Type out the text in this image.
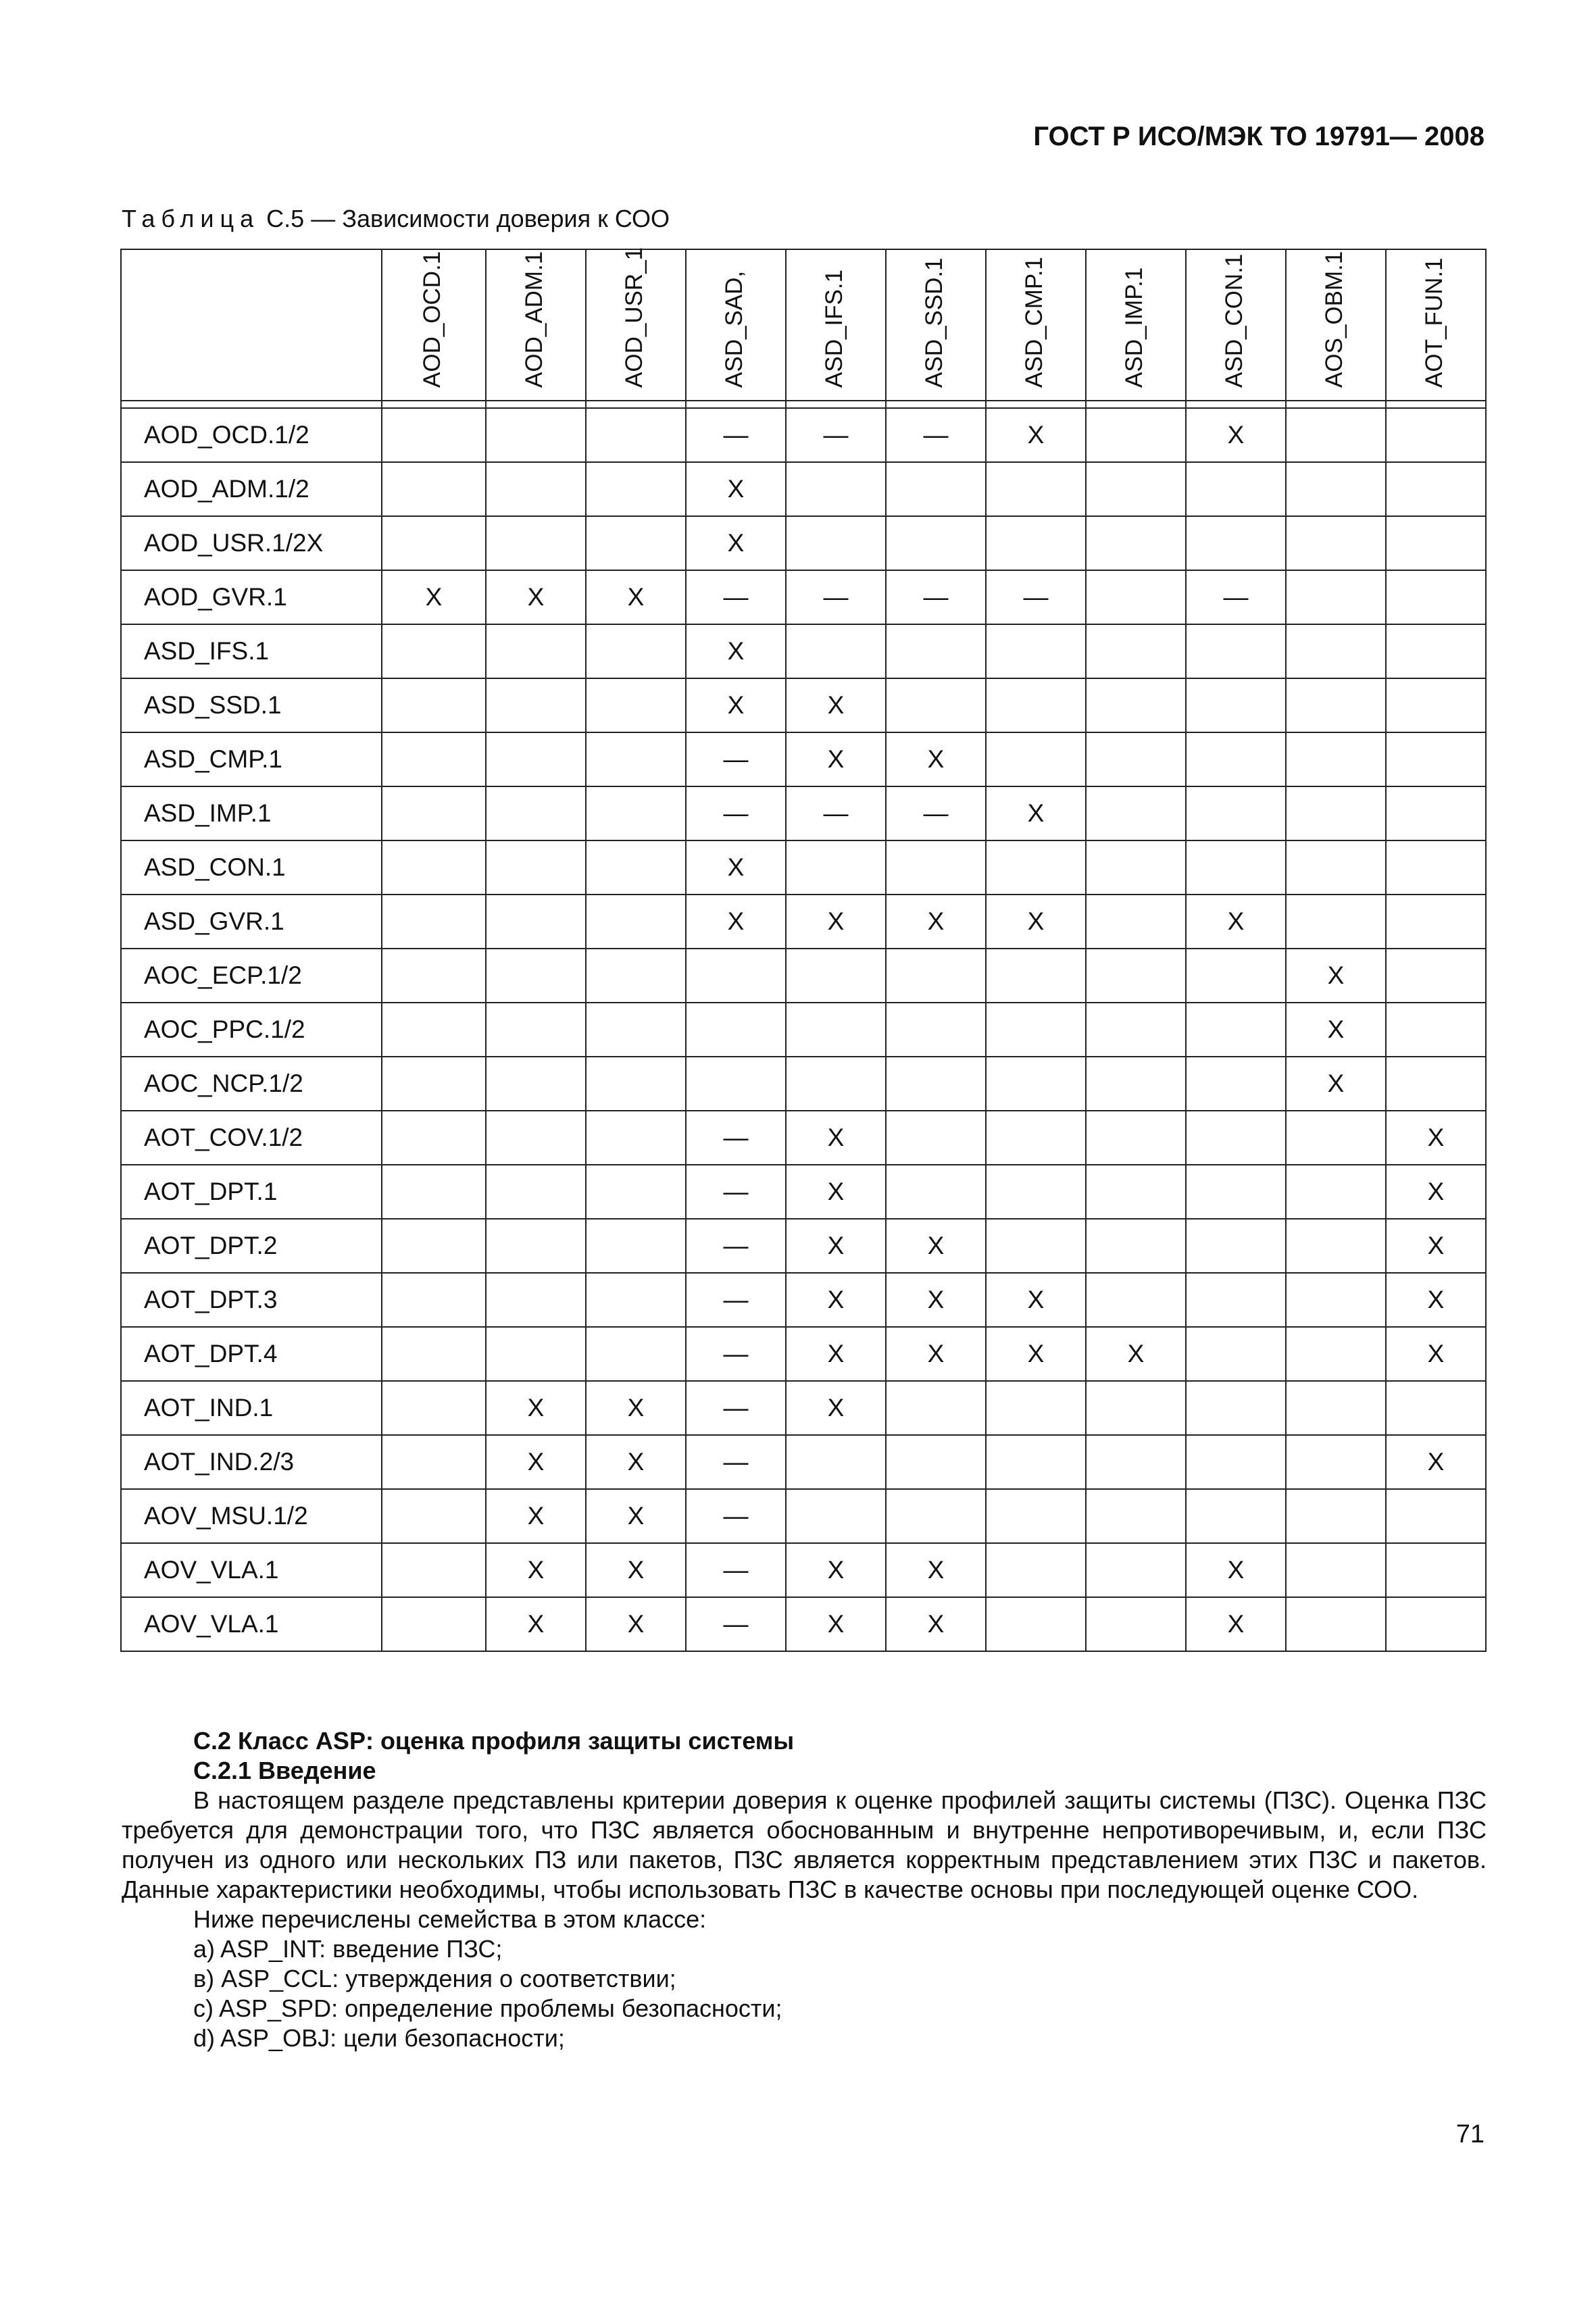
ГОСТ Р ИСО/МЭК ТО 19791— 2008
Таблица С.5 — Зависимости доверия к СОО

	AOD_OCD.1	AOD_ADM.1	AOD_USR_1	ASD_SAD,	ASD_IFS.1	ASD_SSD.1	ASD_CMP.1	ASD_IMP.1	ASD_CON.1	AOS_OBM.1	AOT_FUN.1

AOD_OCD.1/2				—	—	—	X		X		
AOD_ADM.1/2				X							
AOD_USR.1/2X				X							
AOD_GVR.1	X	X	X	—	—	—	—		—		
ASD_IFS.1				X							
ASD_SSD.1				X	X						
ASD_CMP.1				—	X	X					
ASD_IMP.1				—	—	—	X				
ASD_CON.1				X							
ASD_GVR.1				X	X	X	X		X		
AOC_ECP.1/2										X	
AOC_PPC.1/2										X	
AOC_NCP.1/2										X	
AOT_COV.1/2				—	X						X
AOT_DPT.1				—	X						X
AOT_DPT.2				—	X	X					X
AOT_DPT.3				—	X	X	X				X
AOT_DPT.4				—	X	X	X	X			X
AOT_IND.1		X	X	—	X						
AOT_IND.2/3		X	X	—							X
AOV_MSU.1/2		X	X	—							
AOV_VLA.1		X	X	—	X	X			X		
AOV_VLA.1		X	X	—	X	X			X		
С.2 Класс ASP: оценка профиля защиты системы
С.2.1 Введение
В настоящем разделе представлены критерии доверия к оценке профилей защиты системы (ПЗС). Оценка ПЗС требуется для демонстрации того, что ПЗС является обоснованным и внутренне непротиворечивым, и, если ПЗС получен из одного или нескольких ПЗ или пакетов, ПЗС является корректным представлением этих ПЗС и пакетов. Данные характеристики необходимы, чтобы использовать ПЗС в качестве основы при последующей оценке СОО.
Ниже перечислены семейства в этом классе:
a) ASP_INT: введение ПЗС;
в) ASP_CCL: утверждения о соответствии;
c) ASP_SPD: определение проблемы безопасности;
d) ASP_OBJ: цели безопасности;
71
